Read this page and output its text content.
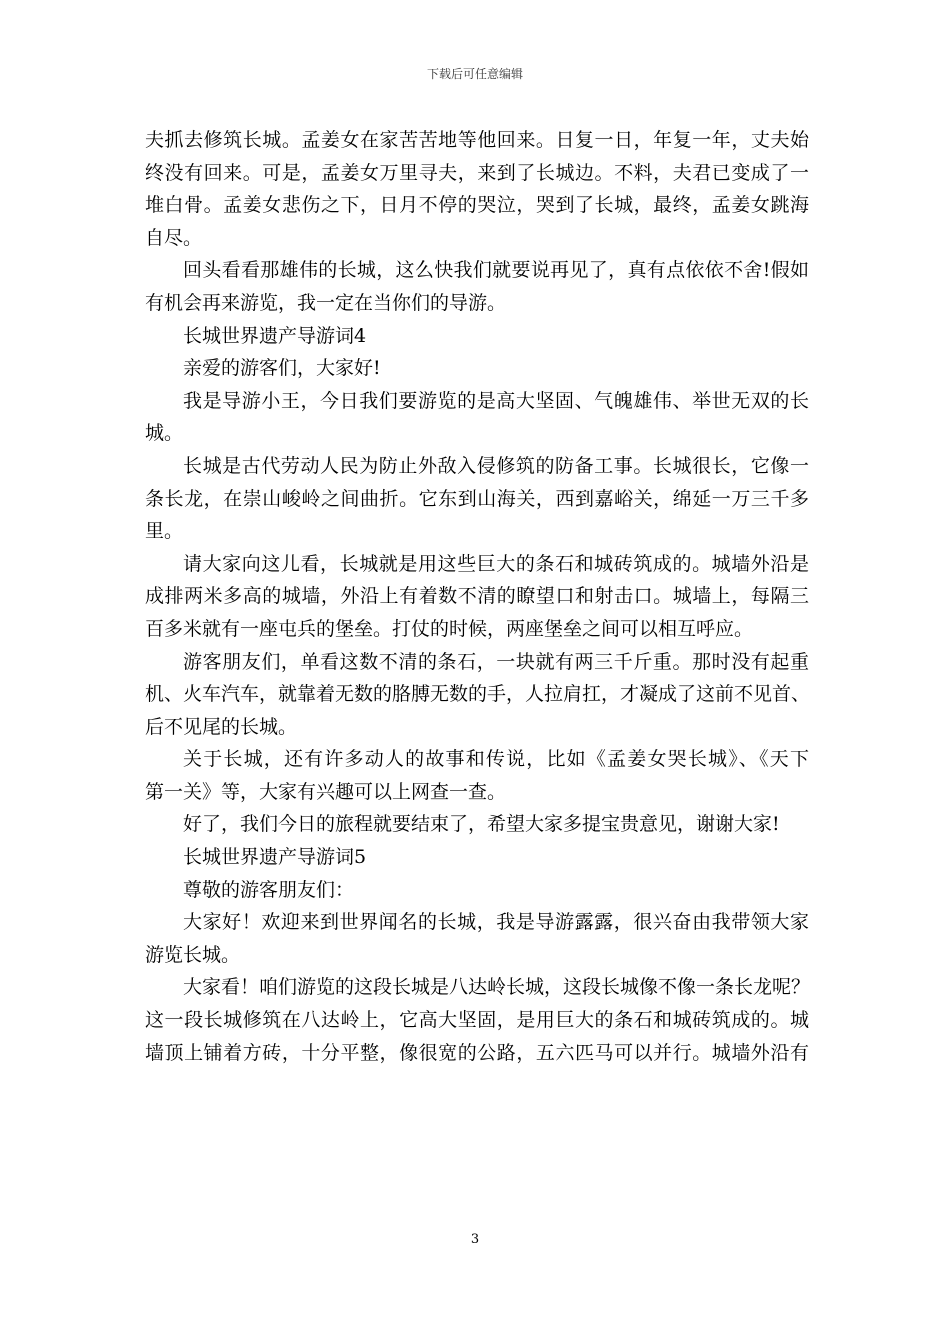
下载后可任意编辑
夫抓去修筑长城。孟姜女在家苦苦地等他回来。日复一日，年复一年，丈夫始
终没有回来。可是，孟姜女万里寻夫，来到了长城边。不料，夫君已变成了一
堆白骨。孟姜女悲伤之下，日月不停的哭泣，哭到了长城，最终，孟姜女跳海
自尽。
回头看看那雄伟的长城，这么快我们就要说再见了，真有点依依不舍!假如
有机会再来游览，我一定在当你们的导游。
长城世界遗产导游词4
亲爱的游客们，大家好!
我是导游小王，今日我们要游览的是高大坚固、气魄雄伟、举世无双的长
城。
长城是古代劳动人民为防止外敌入侵修筑的防备工事。长城很长，它像一
条长龙，在崇山峻岭之间曲折。它东到山海关，西到嘉峪关，绵延一万三千多
里。
请大家向这儿看，长城就是用这些巨大的条石和城砖筑成的。城墙外沿是
成排两米多高的城墙，外沿上有着数不清的瞭望口和射击口。城墙上，每隔三
百多米就有一座屯兵的堡垒。打仗的时候，两座堡垒之间可以相互呼应。
游客朋友们，单看这数不清的条石，一块就有两三千斤重。那时没有起重
机、火车汽车，就靠着无数的胳膊无数的手，人拉肩扛，才凝成了这前不见首、
后不见尾的长城。
关于长城，还有许多动人的故事和传说，比如《孟姜女哭长城》、《天下
第一关》等，大家有兴趣可以上网查一查。
好了，我们今日的旅程就要结束了，希望大家多提宝贵意见，谢谢大家!
长城世界遗产导游词5
尊敬的游客朋友们：
大家好！欢迎来到世界闻名的长城，我是导游露露，很兴奋由我带领大家
游览长城。
大家看！咱们游览的这段长城是八达岭长城，这段长城像不像一条长龙呢？
这一段长城修筑在八达岭上，它高大坚固，是用巨大的条石和城砖筑成的。城
墙顶上铺着方砖，十分平整，像很宽的公路，五六匹马可以并行。城墙外沿有
3
